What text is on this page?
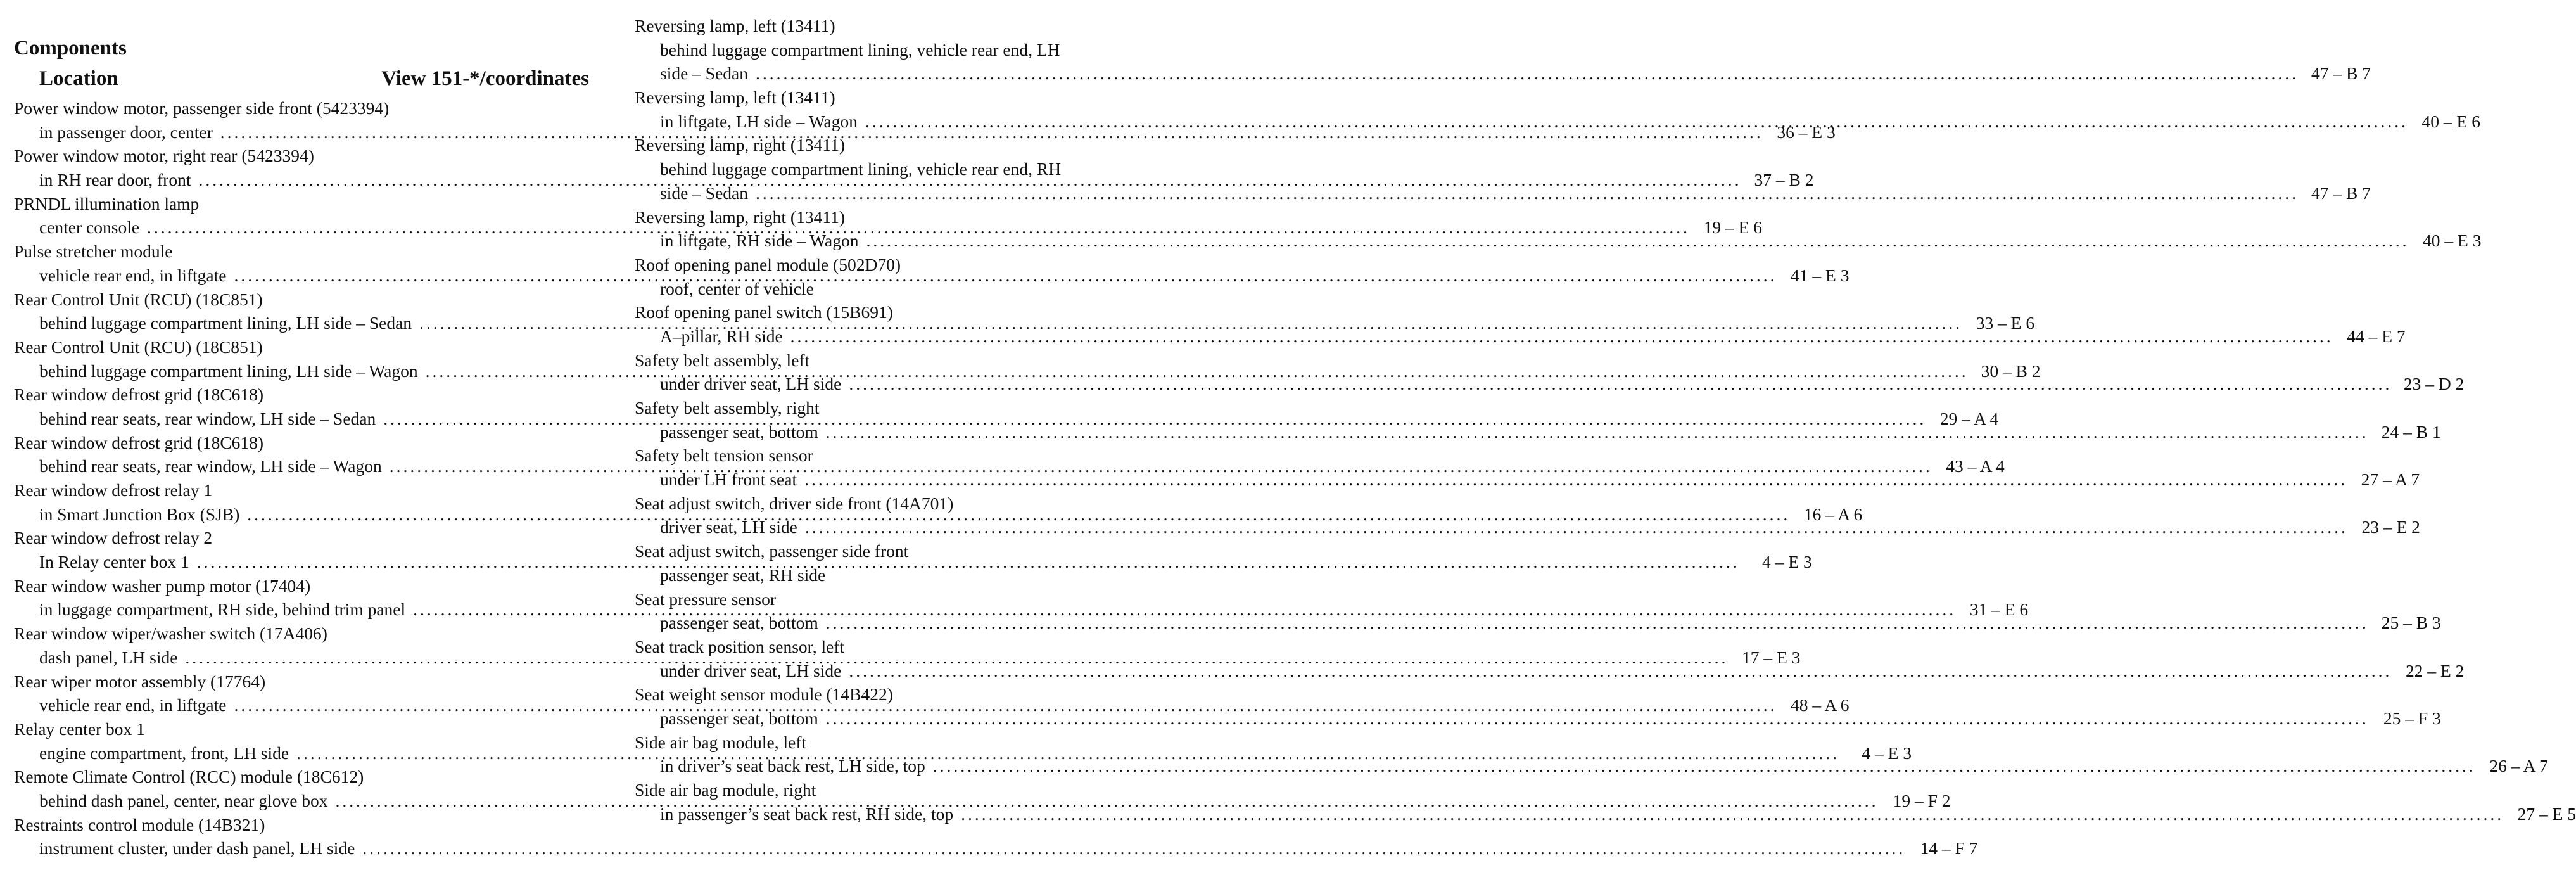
Components
Location	View 151-*/coordinates
Power window motor, passenger side front (5423394)
in passenger door, center .....	36 – E 3
Power window motor, right rear (5423394)
in RH rear door, front .....	37 – B 2
PRNDL illumination lamp
center console .....	19 – E 6
Pulse stretcher module
vehicle rear end, in liftgate .....	41 – E 3
Rear Control Unit (RCU) (18C851)
behind luggage compartment lining, LH side – Sedan .....	33 – E 6
Rear Control Unit (RCU) (18C851)
behind luggage compartment lining, LH side – Wagon .....	30 – B 2
Rear window defrost grid (18C618)
behind rear seats, rear window, LH side – Sedan .....	29 – A 4
Rear window defrost grid (18C618)
behind rear seats, rear window, LH side – Wagon .....	43 – A 4
Rear window defrost relay 1
in Smart Junction Box (SJB) .....	16 – A 6
Rear window defrost relay 2
In Relay center box 1 .....	4 – E 3
Rear window washer pump motor (17404)
in luggage compartment, RH side, behind trim panel .....	31 – E 6
Rear window wiper/washer switch (17A406)
dash panel, LH side .....	17 – E 3
Rear wiper motor assembly (17764)
vehicle rear end, in liftgate .....	48 – A 6
Relay center box 1
engine compartment, front, LH side .....	4 – E 3
Remote Climate Control (RCC) module (18C612)
behind dash panel, center, near glove box .....	19 – F 2
Restraints control module (14B321)
instrument cluster, under dash panel, LH side .....	14 – F 7
Reversing lamp, left (13411)
behind luggage compartment lining, vehicle rear end, LH
side – Sedan .....	47 – B 7
Reversing lamp, left (13411)
in liftgate, LH side – Wagon .....	40 – E 6
Reversing lamp, right (13411)
behind luggage compartment lining, vehicle rear end, RH
side – Sedan .....	47 – B 7
Reversing lamp, right (13411)
in liftgate, RH side – Wagon .....	40 – E 3
Roof opening panel module (502D70)
roof, center of vehicle
Roof opening panel switch (15B691)
A–pillar, RH side .....	44 – E 7
Safety belt assembly, left
under driver seat, LH side .....	23 – D 2
Safety belt assembly, right
passenger seat, bottom .....	24 – B 1
Safety belt tension sensor
under LH front seat .....	27 – A 7
Seat adjust switch, driver side front (14A701)
driver seat, LH side .....	23 – E 2
Seat adjust switch, passenger side front
passenger seat, RH side
Seat pressure sensor
passenger seat, bottom .....	25 – B 3
Seat track position sensor, left
under driver seat, LH side .....	22 – E 2
Seat weight sensor module (14B422)
passenger seat, bottom .....	25 – F 3
Side air bag module, left
in driver’s seat back rest, LH side, top .....	26 – A 7
Side air bag module, right
in passenger’s seat back rest, RH side, top .....	27 – E 5
